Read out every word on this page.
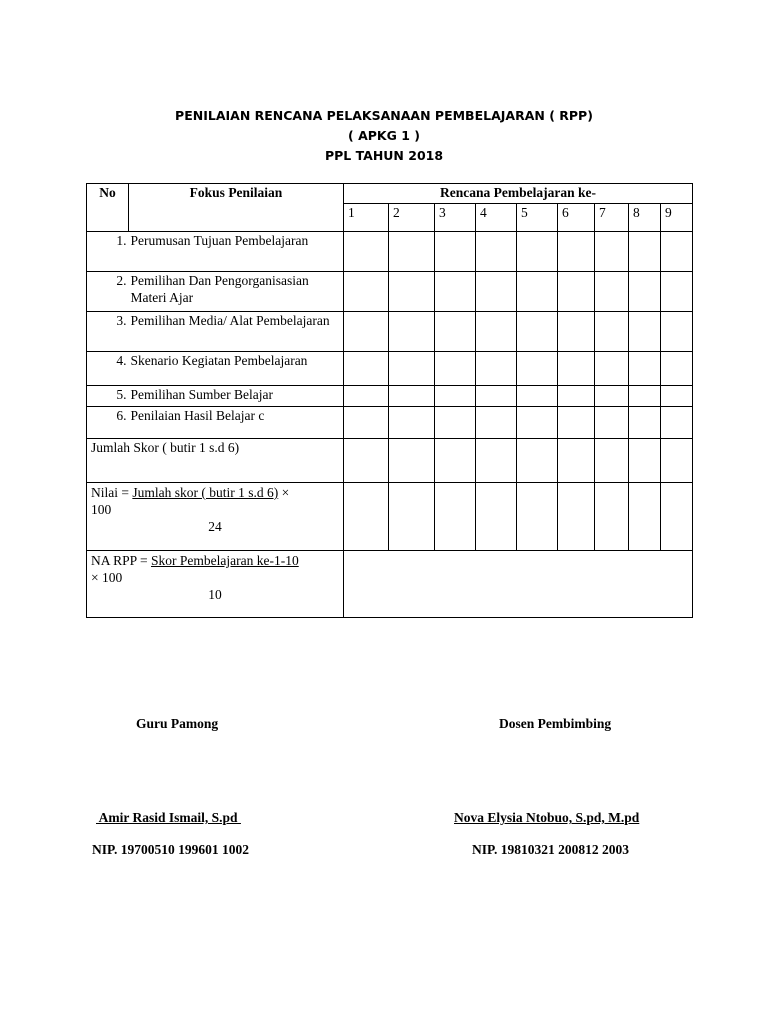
PENILAIAN RENCANA PELAKSANAAN PEMBELAJARAN ( RPP)
( APKG 1 )
PPL TAHUN 2018
No	Fokus Penilaian	Rencana Pembelajaran ke-								
		1	2	3	4	5	6	7	8	9
1.	Perumusan Tujuan Pembelajaran									
2.	Pemilihan Dan Pengorganisasian Materi Ajar									
3.	Pemilihan Media/ Alat Pembelajaran									
4.	Skenario Kegiatan Pembelajaran									
5.	Pemilihan Sumber Belajar									
6.	Penilaian Hasil Belajar c									
Jumlah Skor ( butir 1 s.d 6)										

Nilai = Jumlah skor ( butir 1 s.d 6) ×
100
24										

NA RPP = Skor Pembelajaran ke-1-10
× 100
10										

Guru Pamong	Dosen Pembimbing
Amir Rasid Ismail, S.pd	Nova Elysia Ntobuo, S.pd, M.pd
NIP. 19700510 199601 1002	NIP. 19810321 200812 2003
